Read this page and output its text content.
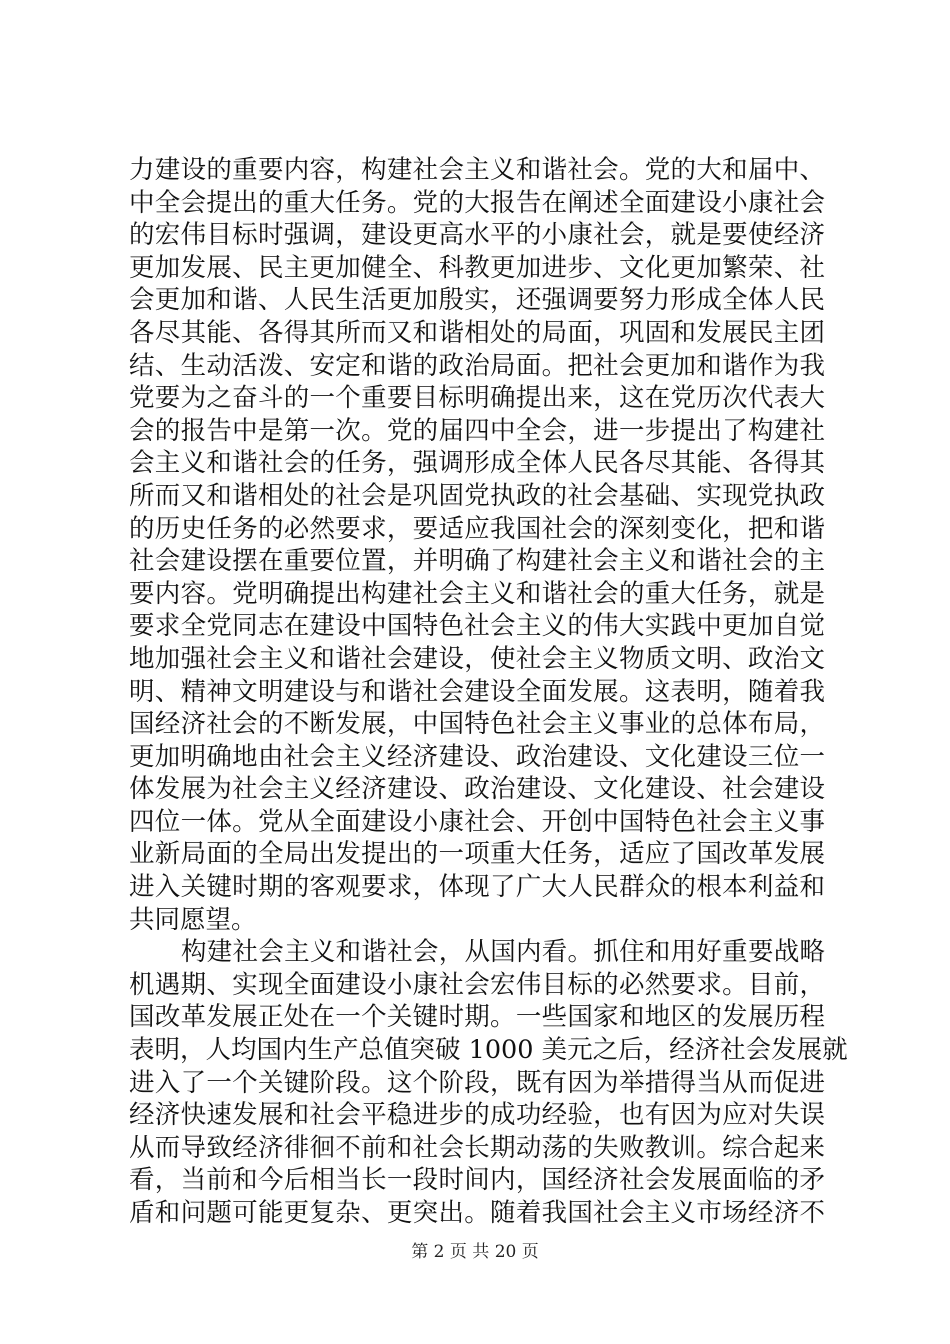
力建设的重要内容，构建社会主义和谐社会。党的大和届中、
中全会提出的重大任务。党的大报告在阐述全面建设小康社会
的宏伟目标时强调，建设更高水平的小康社会，就是要使经济
更加发展、民主更加健全、科教更加进步、文化更加繁荣、社
会更加和谐、人民生活更加殷实，还强调要努力形成全体人民
各尽其能、各得其所而又和谐相处的局面，巩固和发展民主团
结、生动活泼、安定和谐的政治局面。把社会更加和谐作为我
党要为之奋斗的一个重要目标明确提出来，这在党历次代表大
会的报告中是第一次。党的届四中全会，进一步提出了构建社
会主义和谐社会的任务，强调形成全体人民各尽其能、各得其
所而又和谐相处的社会是巩固党执政的社会基础、实现党执政
的历史任务的必然要求，要适应我国社会的深刻变化，把和谐
社会建设摆在重要位置，并明确了构建社会主义和谐社会的主
要内容。党明确提出构建社会主义和谐社会的重大任务，就是
要求全党同志在建设中国特色社会主义的伟大实践中更加自觉
地加强社会主义和谐社会建设，使社会主义物质文明、政治文
明、精神文明建设与和谐社会建设全面发展。这表明，随着我
国经济社会的不断发展，中国特色社会主义事业的总体布局，
更加明确地由社会主义经济建设、政治建设、文化建设三位一
体发展为社会主义经济建设、政治建设、文化建设、社会建设
四位一体。党从全面建设小康社会、开创中国特色社会主义事
业新局面的全局出发提出的一项重大任务，适应了国改革发展
进入关键时期的客观要求，体现了广大人民群众的根本利益和
共同愿望。
构建社会主义和谐社会，从国内看。抓住和用好重要战略
机遇期、实现全面建设小康社会宏伟目标的必然要求。目前，
国改革发展正处在一个关键时期。一些国家和地区的发展历程
表明，人均国内生产总值突破 1000 美元之后，经济社会发展就
进入了一个关键阶段。这个阶段，既有因为举措得当从而促进
经济快速发展和社会平稳进步的成功经验，也有因为应对失误
从而导致经济徘徊不前和社会长期动荡的失败教训。综合起来
看，当前和今后相当长一段时间内，国经济社会发展面临的矛
盾和问题可能更复杂、更突出。随着我国社会主义市场经济不
第 2 页 共 20 页
